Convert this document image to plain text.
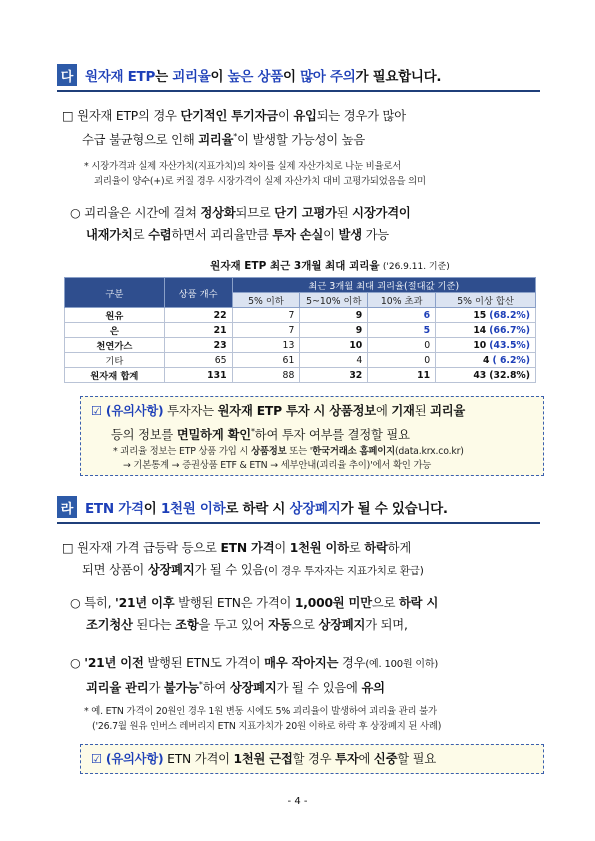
다 원자재 ETP는 괴리율이 높은 상품이 많아 주의가 필요합니다.
□ 원자재 ETP의 경우 단기적인 투기자금이 유입되는 경우가 많아
수급 불균형으로 인해 괴리율*이 발생할 가능성이 높음
* 시장가격과 실제 자산가치(지표가치)의 차이를 실제 자산가치로 나눈 비율로서
괴리율이 양수(+)로 커질 경우 시장가격이 실제 자산가치 대비 고평가되었음을 의미
○ 괴리율은 시간에 걸쳐 정상화되므로 단기 고평가된 시장가격이
내재가치로 수렴하면서 괴리율만큼 투자 손실이 발생 가능
원자재 ETP 최근 3개월 최대 괴리율 ('26.9.11. 기준)
구분	상품 개수	최근 3개월 최대 괴리율(절대값 기준)			
		5% 이하	5~10% 이하	10% 초과	5% 이상 합산
원유	22	7	9	6	15 (68.2%)
은	21	7	9	5	14 (66.7%)
천연가스	23	13	10	0	10 (43.5%)
기타	65	61	4	0	4 ( 6.2%)
원자재 합계	131	88	32	11	43 (32.8%)
☑ (유의사항) 투자자는 원자재 ETP 투자 시 상품정보에 기재된 괴리율
등의 정보를 면밀하게 확인*하여 투자 여부를 결정할 필요
* 괴리율 정보는 ETP 상품 가입 시 상품정보 또는 '한국거래소 홈페이지(data.krx.co.kr)
→ 기본통계 → 증권상품 ETF & ETN → 세부안내(괴리율 추이)'에서 확인 가능
라 ETN 가격이 1천원 이하로 하락 시 상장폐지가 될 수 있습니다.
□ 원자재 가격 급등락 등으로 ETN 가격이 1천원 이하로 하락하게
되면 상품이 상장폐지가 될 수 있음(이 경우 투자자는 지표가치로 환급)
○ 특히, '21년 이후 발행된 ETN은 가격이 1,000원 미만으로 하락 시
조기청산 된다는 조항을 두고 있어 자동으로 상장폐지가 되며,
○ '21년 이전 발행된 ETN도 가격이 매우 작아지는 경우(예. 100원 이하)
괴리율 관리가 불가능*하여 상장폐지가 될 수 있음에 유의
* 예. ETN 가격이 20원인 경우 1원 변동 시에도 5% 괴리율이 발생하여 괴리율 관리 불가
('26.7월 원유 인버스 레버리지 ETN 지표가치가 20원 이하로 하락 후 상장폐지 된 사례)
☑ (유의사항) ETN 가격이 1천원 근접할 경우 투자에 신중할 필요
- 4 -
